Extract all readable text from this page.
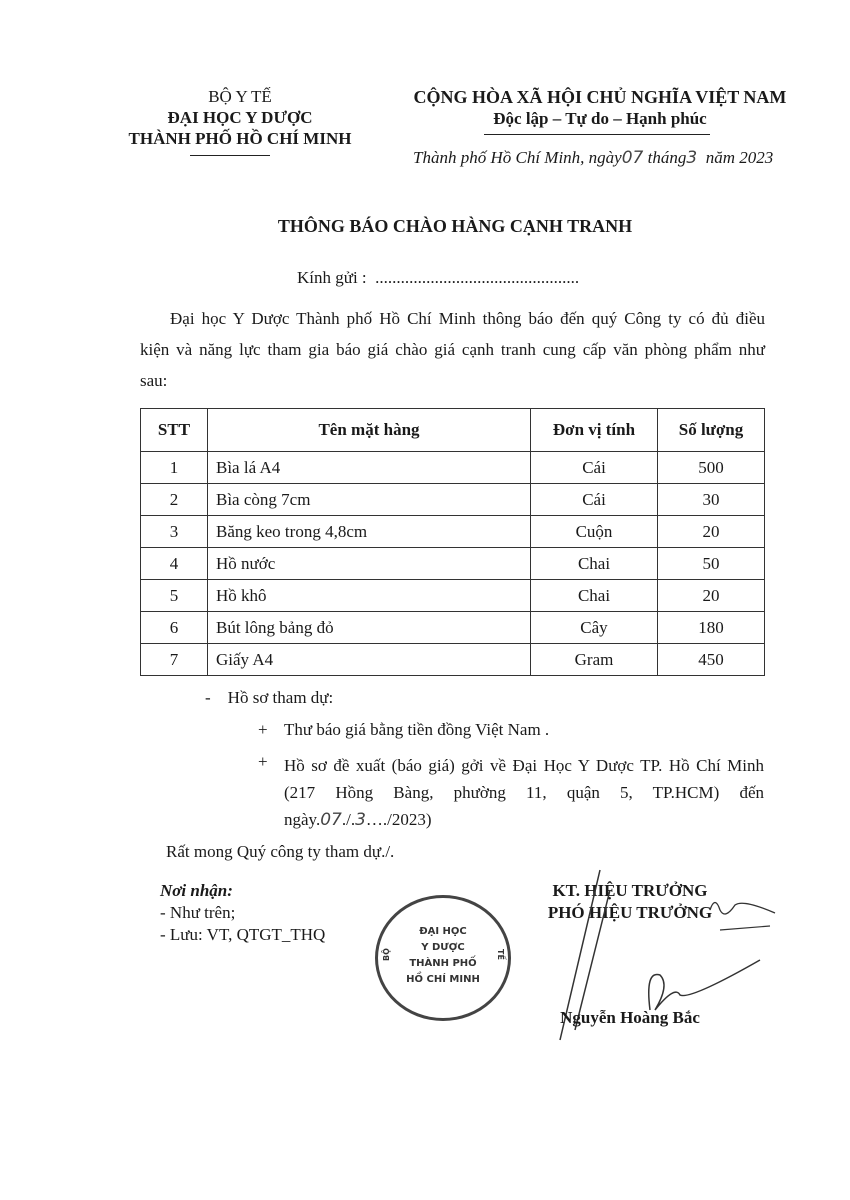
BỘ Y TẾ
ĐẠI HỌC Y DƯỢC
THÀNH PHỐ HỒ CHÍ MINH
CỘNG HÒA XÃ HỘI CHỦ NGHĨA VIỆT NAM
Độc lập – Tự do – Hạnh phúc
Thành phố Hồ Chí Minh, ngày07 tháng3 năm 2023
THÔNG BÁO CHÀO HÀNG CẠNH TRANH
Kính gửi : ................................................
Đại học Y Dược Thành phố Hồ Chí Minh thông báo đến quý Công ty có đủ điều
kiện và năng lực tham gia báo giá chào giá cạnh tranh cung cấp văn phòng phẩm như
sau:
STT	Tên mặt hàng	Đơn vị tính	Số lượng
1	Bìa lá A4	Cái	500
2	Bìa còng 7cm	Cái	30
3	Băng keo trong 4,8cm	Cuộn	20
4	Hồ nước	Chai	50
5	Hồ khô	Chai	20
6	Bút lông bảng đỏ	Cây	180
7	Giấy A4	Gram	450
- Hồ sơ tham dự:
+ Thư báo giá bằng tiền đồng Việt Nam .
+ Hồ sơ đề xuất (báo giá) gởi về Đại Học Y Dược TP. Hồ Chí Minh
(217 Hồng Bàng, phường 11, quận 5, TP.HCM) đến
ngày.07./.3…./2023)
Rất mong Quý công ty tham dự./.
Nơi nhận:
- Như trên;
- Lưu: VT, QTGT_THQ	ĐẠI HỌC
Y DƯỢC
THÀNH PHỐ
HỒ CHÍ MINH
BỘ	TẾ
KT. HIỆU TRƯỞNG
PHÓ HIỆU TRƯỞNG
Nguyễn Hoàng Bắc
